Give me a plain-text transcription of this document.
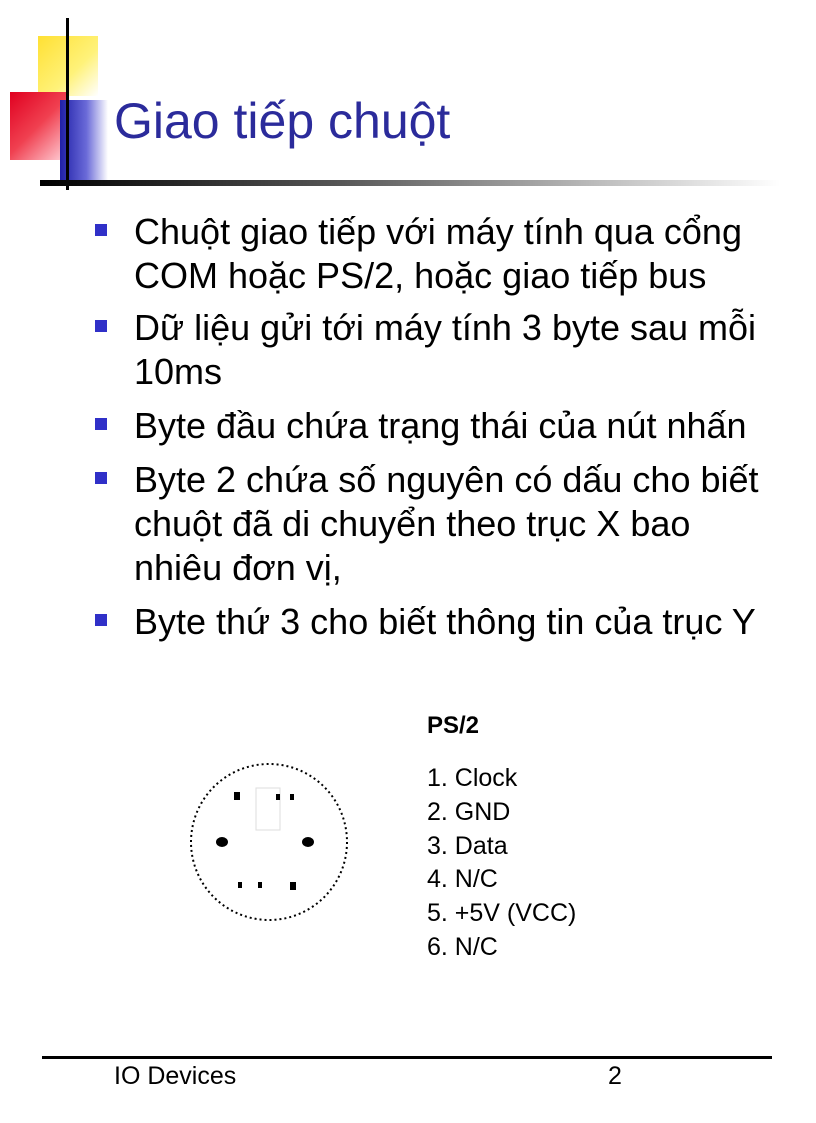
Giao tiếp chuột
Chuột giao tiếp với máy tính qua cổng COM hoặc PS/2, hoặc giao tiếp bus
Dữ liệu gửi tới máy tính 3 byte sau mỗi 10ms
Byte đầu chứa trạng thái của nút nhấn
Byte 2 chứa số nguyên có dấu cho biết chuột đã di chuyển theo trục X bao nhiêu đơn vị,
Byte thứ 3 cho biết thông tin của trục Y

PS/2

1. Clock
2. GND
3. Data
4. N/C
5. +5V (VCC)
6. N/C
IO Devices	2
